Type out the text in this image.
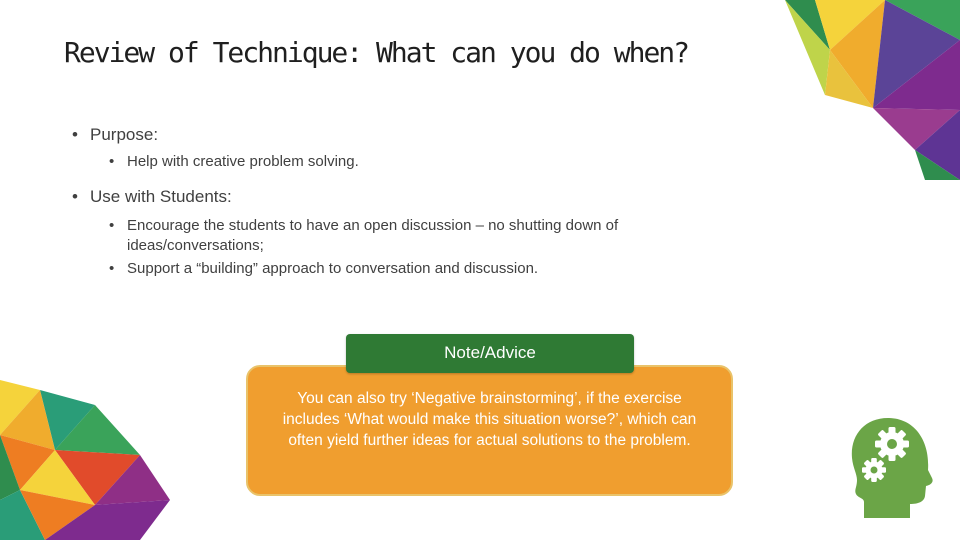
Review of Technique: What can you do when?
• Purpose:
• Help with creative problem solving.
• Use with Students:
• Encourage the students to have an open discussion – no shutting down of ideas/conversations;
• Support a “building” approach to conversation and discussion.
You can also try ‘Negative brainstorming’, if the exercise includes ‘What would make this situation worse?’, which can often yield further ideas for actual solutions to the problem.
Note/Advice
